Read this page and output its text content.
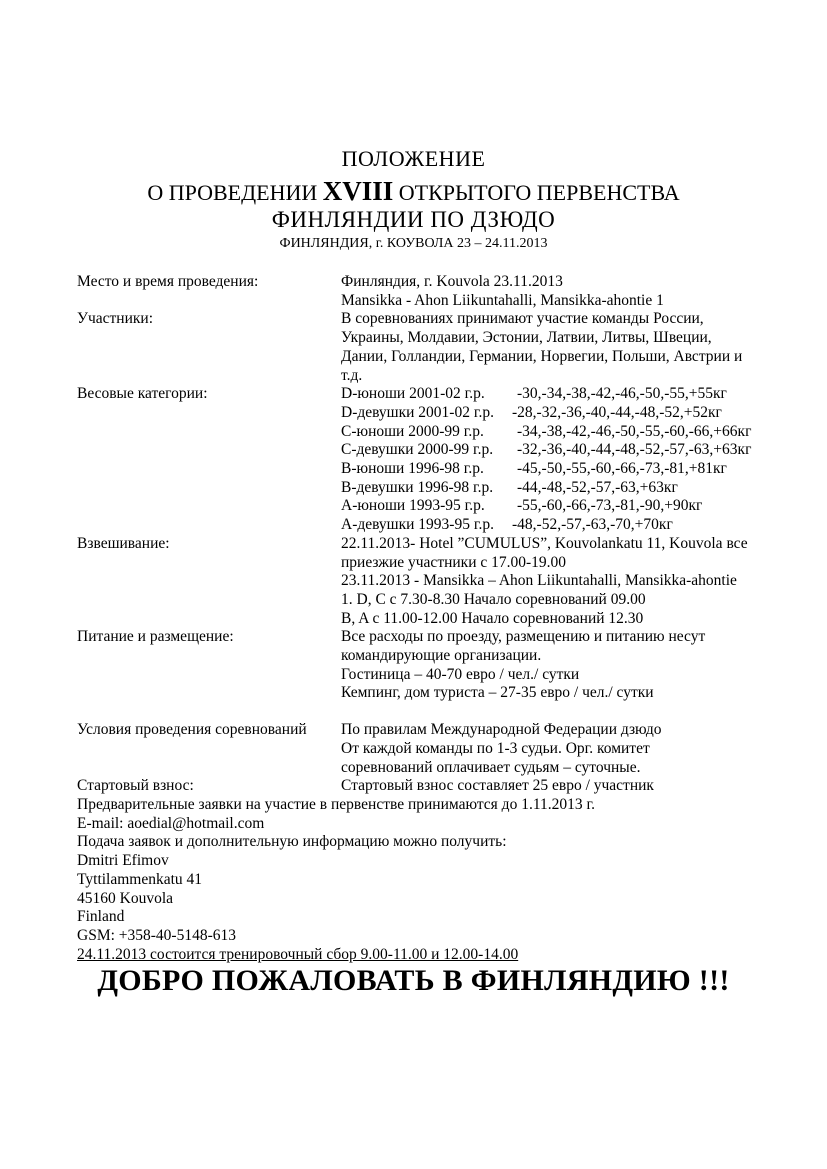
ПОЛОЖЕНИЕ
О ПРОВЕДЕНИИ XVIII ОТКРЫТОГО ПЕРВЕНСТВА
ФИНЛЯНДИИ ПО ДЗЮДО
ФИНЛЯНДИЯ, г. КОУВОЛА 23 – 24.11.2013
Место и время проведения:	Финляндия, г. Kouvola 23.11.2013
Mansikka - Ahon Liikuntahalli, Mansikka-ahontie 1
Участники:	В соревнованиях принимают участие команды России,
Украины, Молдавии, Эстонии, Латвии, Литвы, Швеции,
Дании, Голландии, Германии, Норвегии, Польши, Австрии и
т.д.
Весовые категории:	D-юноши 2001-02 г.р. -30,-34,-38,-42,-46,-50,-55,+55кг
D-девушки 2001-02 г.р. -28,-32,-36,-40,-44,-48,-52,+52кг
C-юноши 2000-99 г.р. -34,-38,-42,-46,-50,-55,-60,-66,+66кг
C-девушки 2000-99 г.р. -32,-36,-40,-44,-48,-52,-57,-63,+63кг
B-юноши 1996-98 г.р. -45,-50,-55,-60,-66,-73,-81,+81кг
B-девушки 1996-98 г.р. -44,-48,-52,-57,-63,+63кг
A-юноши 1993-95 г.р. -55,-60,-66,-73,-81,-90,+90кг
A-девушки 1993-95 г.р. -48,-52,-57,-63,-70,+70кг
Взвешивание:	22.11.2013- Hotel ”CUMULUS”, Kouvolankatu 11, Kouvola все
приезжие участники с 17.00-19.00
23.11.2013 - Mansikka – Ahon Liikuntahalli, Mansikka-ahontie
1. D, C с 7.30-8.30 Начало соревнований 09.00
B, A с 11.00-12.00 Начало соревнований 12.30
Питание и размещение:	Все расходы по проезду, размещению и питанию несут
командирующие организации.
Гостиница – 40-70 евро / чел./ сутки
Кемпинг, дом туриста – 27-35 евро / чел./ сутки
Условия проведения соревнований	По правилам Международной Федерации дзюдо
От каждой команды по 1-3 судьи. Орг. комитет
соревнований оплачивает судьям – суточные.
Стартовый взнос:	Стартовый взнос составляет 25 евро / участник
Предварительные заявки на участие в первенстве принимаются до 1.11.2013 г.
E-mail: aoedial@hotmail.com
Подача заявок и дополнительную информацию можно получить:
Dmitri Efimov
Tyttilammenkatu 41
45160 Kouvola
Finland
GSM: +358-40-5148-613
24.11.2013 состоится тренировочный сбор 9.00-11.00 и 12.00-14.00
ДОБРО ПОЖАЛОВАТЬ В ФИНЛЯНДИЮ !!!
